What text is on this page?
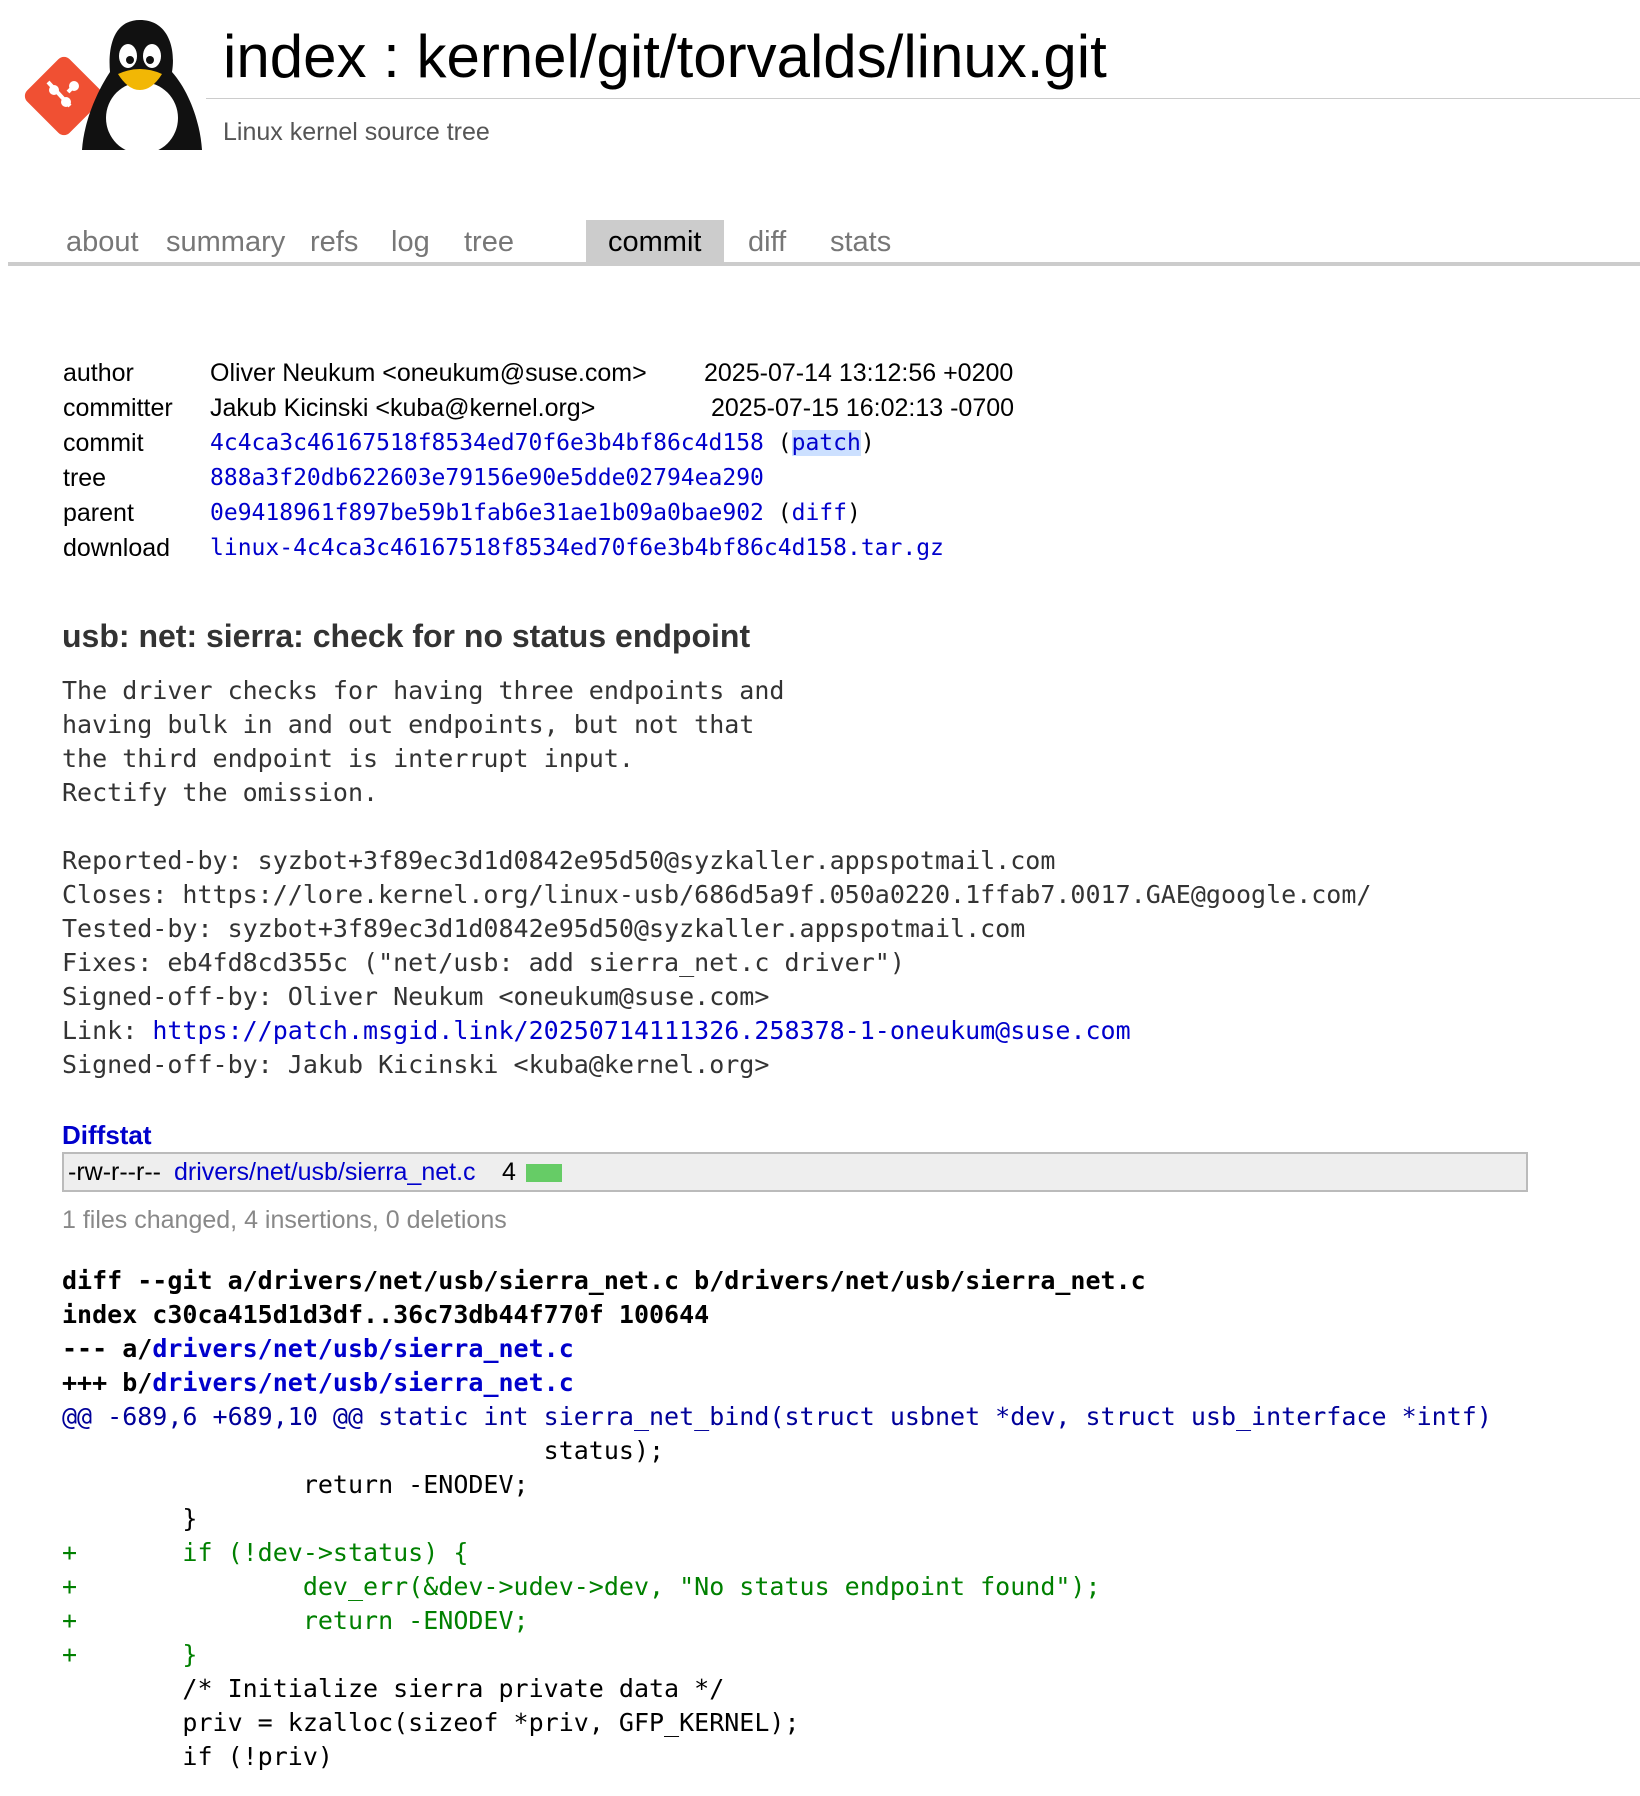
index : kernel/git/torvalds/linux.git
Linux kernel source tree
about summary refs	log	tree	commit	diff	stats
author	Oliver Neukum <oneukum@suse.com> 2025-07-14 13:12:56 +0200
committer	Jakub Kicinski <kuba@kernel.org>	2025-07-15 16:02:13 -0700
commit	4c4ca3c46167518f8534ed70f6e3b4bf86c4d158 (patch)
tree	888a3f20db622603e79156e90e5dde02794ea290
parent	0e9418961f897be59b1fab6e31ae1b09a0bae902 (diff)
download	linux-4c4ca3c46167518f8534ed70f6e3b4bf86c4d158.tar.gz
usb: net: sierra: check for no status endpoint
The driver checks for having three endpoints and
having bulk in and out endpoints, but not that
the third endpoint is interrupt input.
Rectify the omission.

Reported-by: syzbot+3f89ec3d1d0842e95d50@syzkaller.appspotmail.com
Closes: https://lore.kernel.org/linux-usb/686d5a9f.050a0220.1ffab7.0017.GAE@google.com/
Tested-by: syzbot+3f89ec3d1d0842e95d50@syzkaller.appspotmail.com
Fixes: eb4fd8cd355c ("net/usb: add sierra_net.c driver")
Signed-off-by: Oliver Neukum <oneukum@suse.com>
Link: https://patch.msgid.link/20250714111326.258378-1-oneukum@suse.com
Signed-off-by: Jakub Kicinski <kuba@kernel.org>
Diffstat
-rw-r--r-- drivers/net/usb/sierra_net.c 4
1 files changed, 4 insertions, 0 deletions
diff --git a/drivers/net/usb/sierra_net.c b/drivers/net/usb/sierra_net.c
index c30ca415d1d3df..36c73db44f770f 100644
--- a/drivers/net/usb/sierra_net.c
+++ b/drivers/net/usb/sierra_net.c
@@ -689,6 +689,10 @@ static int sierra_net_bind(struct usbnet *dev, struct usb_interface *intf)
status);
return -ENODEV;
}
+       if (!dev->status) {
+               dev_err(&dev->udev->dev, "No status endpoint found");
+               return -ENODEV;
+       }
/* Initialize sierra private data */
priv = kzalloc(sizeof *priv, GFP_KERNEL);
if (!priv)
